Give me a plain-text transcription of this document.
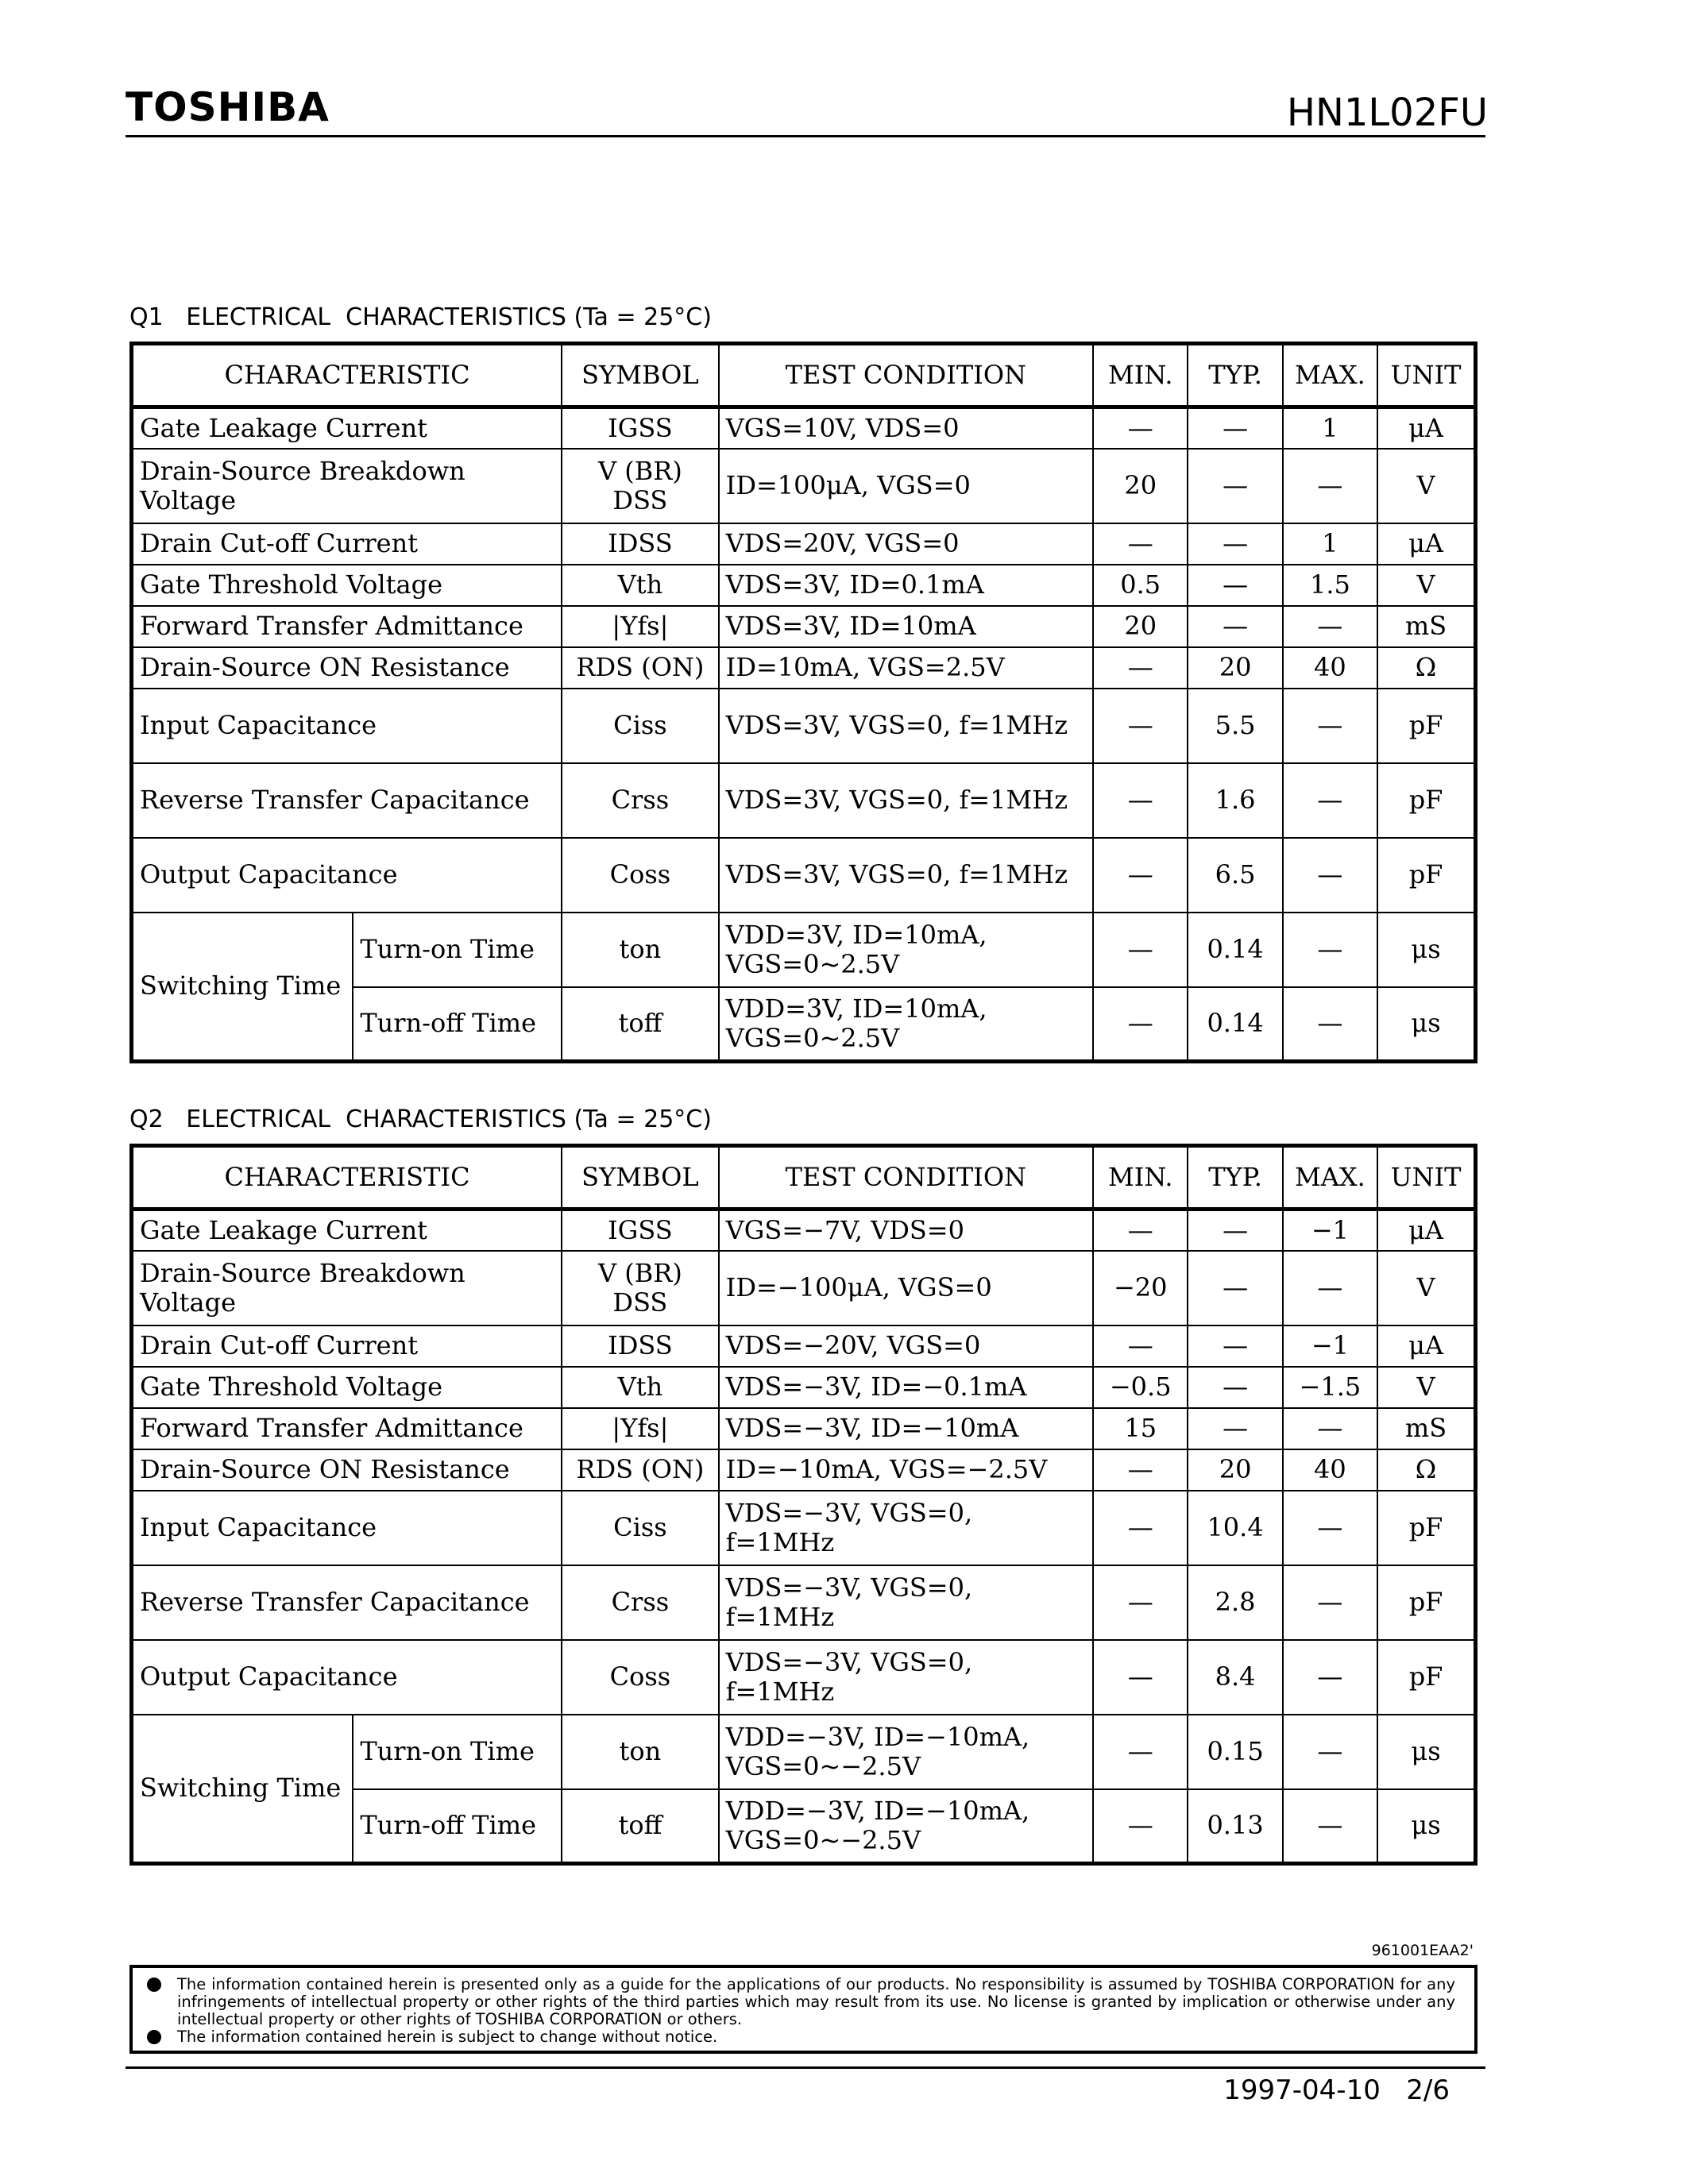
TOSHIBA	HN1L02FU
Q1   ELECTRICAL  CHARACTERISTICS (Ta = 25°C)
CHARACTERISTIC		SYMBOL	TEST CONDITION	MIN.	TYP.	MAX.	UNIT
Gate Leakage Current		IGSS	VGS=10V, VDS=0	—	—	1	μA
Drain-Source Breakdown Voltage		V (BR) DSS	ID=100μA, VGS=0	20	—	—	V
Drain Cut-off Current		IDSS	VDS=20V, VGS=0	—	—	1	μA
Gate Threshold Voltage		Vth	VDS=3V, ID=0.1mA	0.5	—	1.5	V
Forward Transfer Admittance		|Yfs|	VDS=3V, ID=10mA	20	—	—	mS
Drain-Source ON Resistance		RDS (ON)	ID=10mA, VGS=2.5V	—	20	40	Ω
Input Capacitance		Ciss	VDS=3V, VGS=0, f=1MHz	—	5.5	—	pF
Reverse Transfer Capacitance		Crss	VDS=3V, VGS=0, f=1MHz	—	1.6	—	pF
Output Capacitance		Coss	VDS=3V, VGS=0, f=1MHz	—	6.5	—	pF
Switching Time	Turn-on Time	ton	VDD=3V, ID=10mA, VGS=0~2.5V	—	0.14	—	μs
	Turn-off Time	toff	VDD=3V, ID=10mA, VGS=0~2.5V	—	0.14	—	μs
Q2   ELECTRICAL  CHARACTERISTICS (Ta = 25°C)
CHARACTERISTIC		SYMBOL	TEST CONDITION	MIN.	TYP.	MAX.	UNIT
Gate Leakage Current		IGSS	VGS=−7V, VDS=0	—	—	−1	μA
Drain-Source Breakdown Voltage		V (BR) DSS	ID=−100μA, VGS=0	−20	—	—	V
Drain Cut-off Current		IDSS	VDS=−20V, VGS=0	—	—	−1	μA
Gate Threshold Voltage		Vth	VDS=−3V, ID=−0.1mA	−0.5	—	−1.5	V
Forward Transfer Admittance		|Yfs|	VDS=−3V, ID=−10mA	15	—	—	mS
Drain-Source ON Resistance		RDS (ON)	ID=−10mA, VGS=−2.5V	—	20	40	Ω
Input Capacitance		Ciss	VDS=−3V, VGS=0, f=1MHz	—	10.4	—	pF
Reverse Transfer Capacitance		Crss	VDS=−3V, VGS=0, f=1MHz	—	2.8	—	pF
Output Capacitance		Coss	VDS=−3V, VGS=0, f=1MHz	—	8.4	—	pF
Switching Time	Turn-on Time	ton	VDD=−3V, ID=−10mA, VGS=0~−2.5V	—	0.15	—	μs
	Turn-off Time	toff	VDD=−3V, ID=−10mA, VGS=0~−2.5V	—	0.13	—	μs
961001EAA2'
The information contained herein is presented only as a guide for the applications of our products. No responsibility is assumed by TOSHIBA CORPORATION for any infringements of intellectual property or other rights of the third parties which may result from its use. No license is granted by implication or otherwise under any intellectual property or other rights of TOSHIBA CORPORATION or others.
The information contained herein is subject to change without notice.
1997-04-10 2/6
